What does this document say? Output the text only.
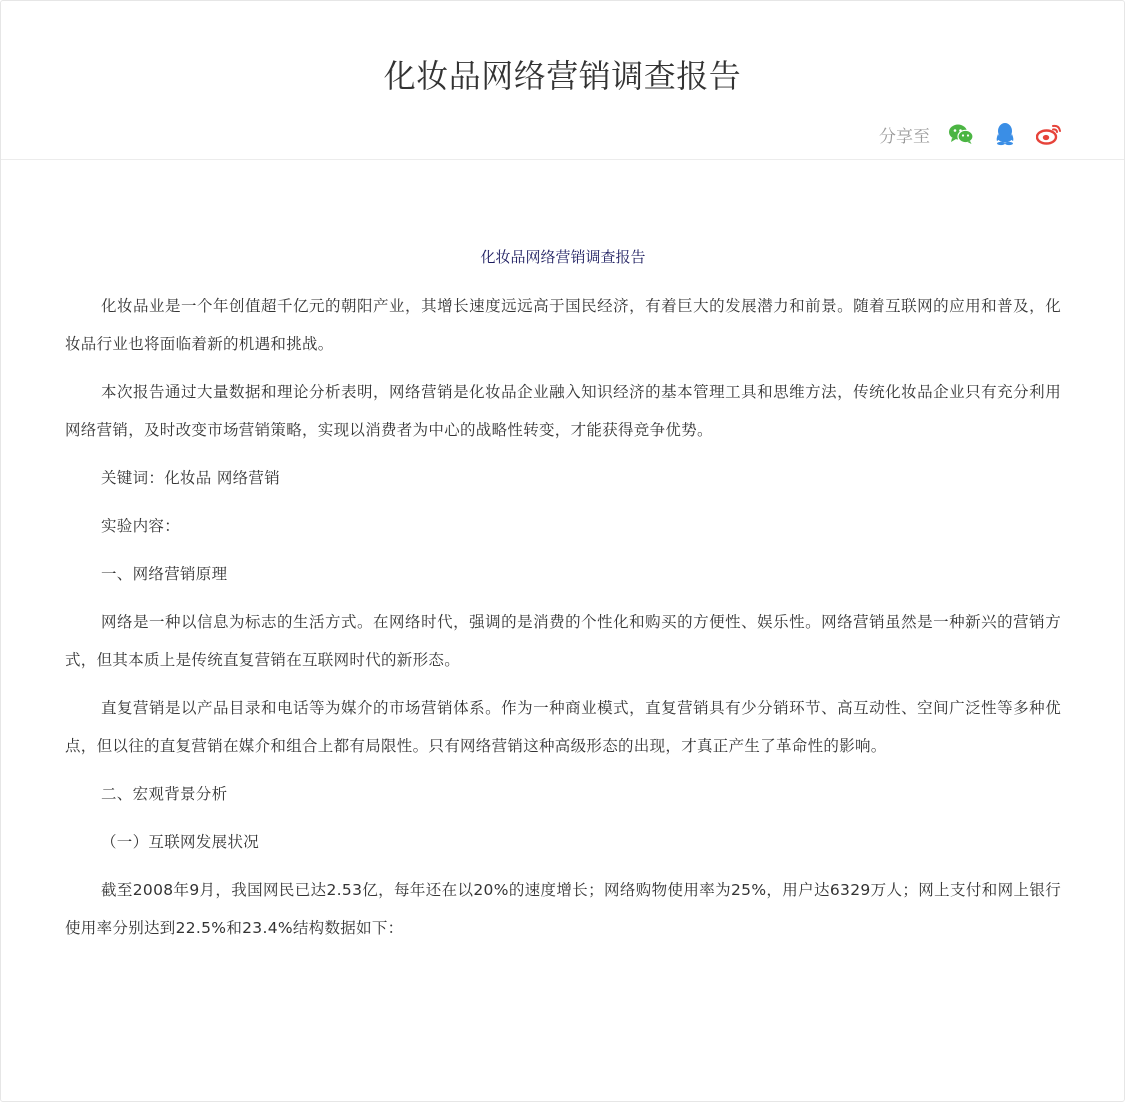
化妆品网络营销调查报告
分享至
化妆品网络营销调查报告

化妆品业是一个年创值超千亿元的朝阳产业，其增长速度远远高于国民经济，有着巨大的发展潜力和前景。随着互联网的应用和普及，化妆品行业也将面临着新的机遇和挑战。

本次报告通过大量数据和理论分析表明，网络营销是化妆品企业融入知识经济的基本管理工具和思维方法，传统化妆品企业只有充分利用网络营销，及时改变市场营销策略，实现以消费者为中心的战略性转变，才能获得竞争优势。

关键词：化妆品 网络营销

实验内容：

一、网络营销原理

网络是一种以信息为标志的生活方式。在网络时代，强调的是消费的个性化和购买的方便性、娱乐性。网络营销虽然是一种新兴的营销方式，但其本质上是传统直复营销在互联网时代的新形态。

直复营销是以产品目录和电话等为媒介的市场营销体系。作为一种商业模式，直复营销具有少分销环节、高互动性、空间广泛性等多种优点，但以往的直复营销在媒介和组合上都有局限性。只有网络营销这种高级形态的出现，才真正产生了革命性的影响。

二、宏观背景分析

（一）互联网发展状况

截至2008年9月，我国网民已达2.53亿，每年还在以20%的速度增长；网络购物使用率为25%，用户达6329万人；网上支付和网上银行使用率分别达到22.5%和23.4%结构数据如下：
